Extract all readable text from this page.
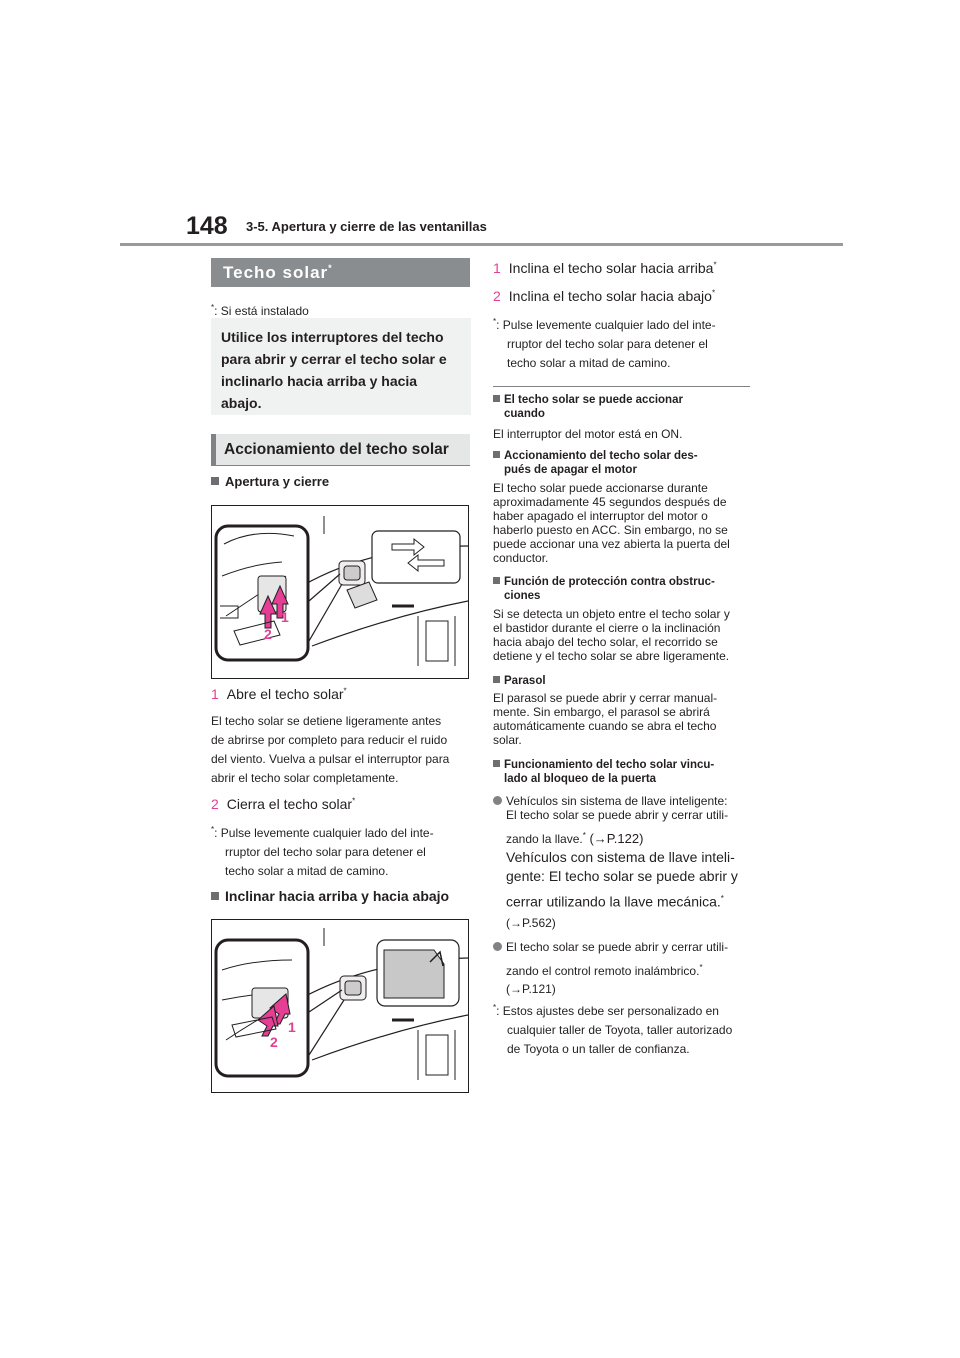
148 3-5. Apertura y cierre de las ventanillas
Techo solar*
*: Si está instalado
Utilice los interruptores del techo
para abrir y cerrar el techo solar e
inclinarlo hacia arriba y hacia
abajo.
Accionamiento del techo solar
Apertura y cierre
1
2
1 Abre el techo solar*
El techo solar se detiene ligeramente antes
de abrirse por completo para reducir el ruido
del viento. Vuelva a pulsar el interruptor para
abrir el techo solar completamente.
2 Cierra el techo solar*
*: Pulse levemente cualquier lado del inte-
rruptor del techo solar para detener el
techo solar a mitad de camino.
Inclinar hacia arriba y hacia abajo
1
2
1 Inclina el techo solar hacia arriba*
2 Inclina el techo solar hacia abajo*
*: Pulse levemente cualquier lado del inte-
rruptor del techo solar para detener el
techo solar a mitad de camino.
El techo solar se puede accionar
cuando
El interruptor del motor está en ON.
Accionamiento del techo solar des-
pués de apagar el motor
El techo solar puede accionarse durante
aproximadamente 45 segundos después de
haber apagado el interruptor del motor o
haberlo puesto en ACC. Sin embargo, no se
puede accionar una vez abierta la puerta del
conductor.
Función de protección contra obstruc-
ciones
Si se detecta un objeto entre el techo solar y
el bastidor durante el cierre o la inclinación
hacia abajo del techo solar, el recorrido se
detiene y el techo solar se abre ligeramente.
Parasol
El parasol se puede abrir y cerrar manual-
mente. Sin embargo, el parasol se abrirá
automáticamente cuando se abra el techo
solar.
Funcionamiento del techo solar vincu-
lado al bloqueo de la puerta
Vehículos sin sistema de llave inteligente:
El techo solar se puede abrir y cerrar utili-
zando la llave.* (→P.122)
Vehículos con sistema de llave inteli-
gente: El techo solar se puede abrir y
cerrar utilizando la llave mecánica.*
(→P.562)
El techo solar se puede abrir y cerrar utili-
zando el control remoto inalámbrico.*
(→P.121)
*: Estos ajustes debe ser personalizado en
cualquier taller de Toyota, taller autorizado
de Toyota o un taller de confianza.
